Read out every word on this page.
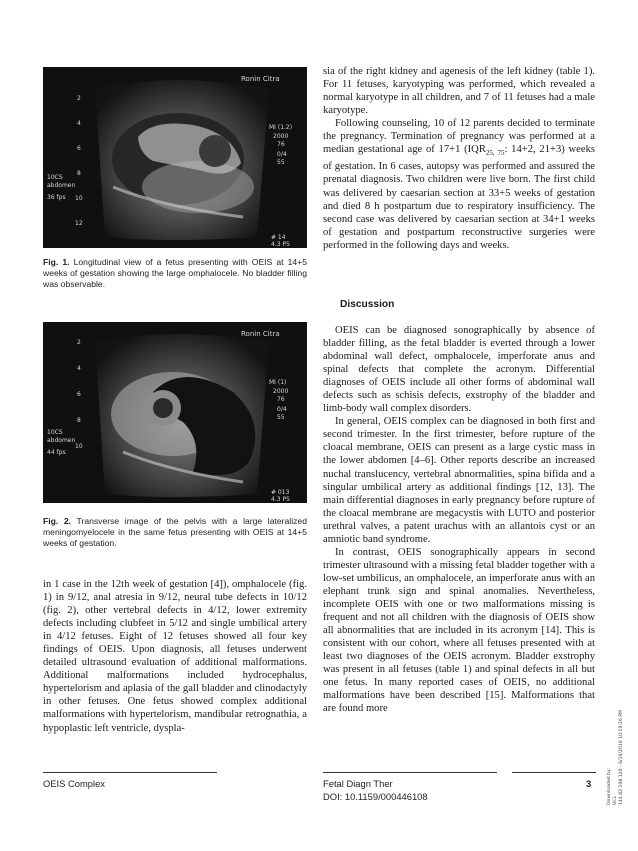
Ronin Citra
2
4
6
8
10
12
10CS
abdomen
36 fps
MI (1.2)
2000
76
0/4
55
# 14
4.3 P5
Fig. 1. Longitudinal view of a fetus presenting with OEIS at 14+5 weeks of gestation showing the large omphalocele. No bladder filling was observable.
Ronin Citra
2
4
6
8
10
10CS
abdomen
44 fps
MI (1)
2000
76
0/4
55
# 013
4.3 P5
Fig. 2. Transverse image of the pelvis with a large lateralized meningomyelocele in the same fetus presenting with OEIS at 14+5 weeks of gestation.

in 1 case in the 12th week of gestation [4]), omphalocele (fig. 1) in 9/12, anal atresia in 9/12, neural tube defects in 10/12 (fig. 2), other vertebral defects in 4/12, lower extremity defects including clubfeet in 5/12 and single umbilical artery in 4/12 fetuses. Eight of 12 fetuses showed all four key findings of OEIS. Upon diagnosis, all fetuses underwent detailed ultrasound evaluation of additional malformations. Additional malformations included hydrocephalus, hypertelorism and aplasia of the gall bladder and clinodactyly in other fetuses. One fetus showed complex additional malformations with hypertelorism, mandibular retrognathia, a hypoplastic left ventricle, dyspla-

sia of the right kidney and agenesis of the left kidney (table 1). For 11 fetuses, karyotyping was performed, which revealed a normal karyotype in all children, and 7 of 11 fetuses had a male karyotype.

Following counseling, 10 of 12 parents decided to terminate the pregnancy. Termination of pregnancy was performed at a median gestational age of 17+1 ($IQR_{25, 75}$: 14+2, 21+3) weeks of gestation. In 6 cases, autopsy was performed and assured the prenatal diagnosis. Two children were live born. The first child was delivered by caesarian section at 33+5 weeks of gestation and died 8 h postpartum due to respiratory insufficiency. The second case was delivered by caesarian section at 34+1 weeks of gestation and postpartum reconstructive surgeries were performed in the following days and weeks.

Discussion

OEIS can be diagnosed sonographically by absence of bladder filling, as the fetal bladder is everted through a lower abdominal wall defect, omphalocele, imperforate anus and spinal defects that complete the acronym. Differential diagnoses of OEIS include all other forms of abdominal wall defects such as schisis defects, exstrophy of the bladder and limb-body wall complex disorders.

In general, OEIS complex can be diagnosed in both first and second trimester. In the first trimester, before rupture of the cloacal membrane, OEIS can present as a large cystic mass in the lower abdomen [4–6]. Other reports describe an increased nuchal translucency, vertebral abnormalities, spina bifida and a singular umbilical artery as additional findings [12, 13]. The main differential diagnoses in early pregnancy before rupture of the cloacal membrane are megacystis with LUTO and posterior urethral valves, a patent urachus with an allantois cyst or an amniotic band syndrome.

In contrast, OEIS sonographically appears in second trimester ultrasound with a missing fetal bladder together with a low-set umbilicus, an omphalocele, an imperforate anus with an elephant trunk sign and spinal anomalies. Nevertheless, incomplete OEIS with one or two malformations missing is frequent and not all children with the diagnosis of OEIS show all abnormalities that are included in its acronym [14]. This is consistent with our cohort, where all fetuses presented with at least two diagnoses of the OEIS acronym. Bladder exstrophy was present in all fetuses (table 1) and spinal defects in all but one fetus. In many reported cases of OEIS, no additional malformations have been described [15]. Malformations that are found more

OEIS Complex	Fetal Diagn Ther
DOI: 10.1159/000446108
3	Downloaded by: UCL 144.82.108.120 - 6/16/2016 10:19:26 PM
